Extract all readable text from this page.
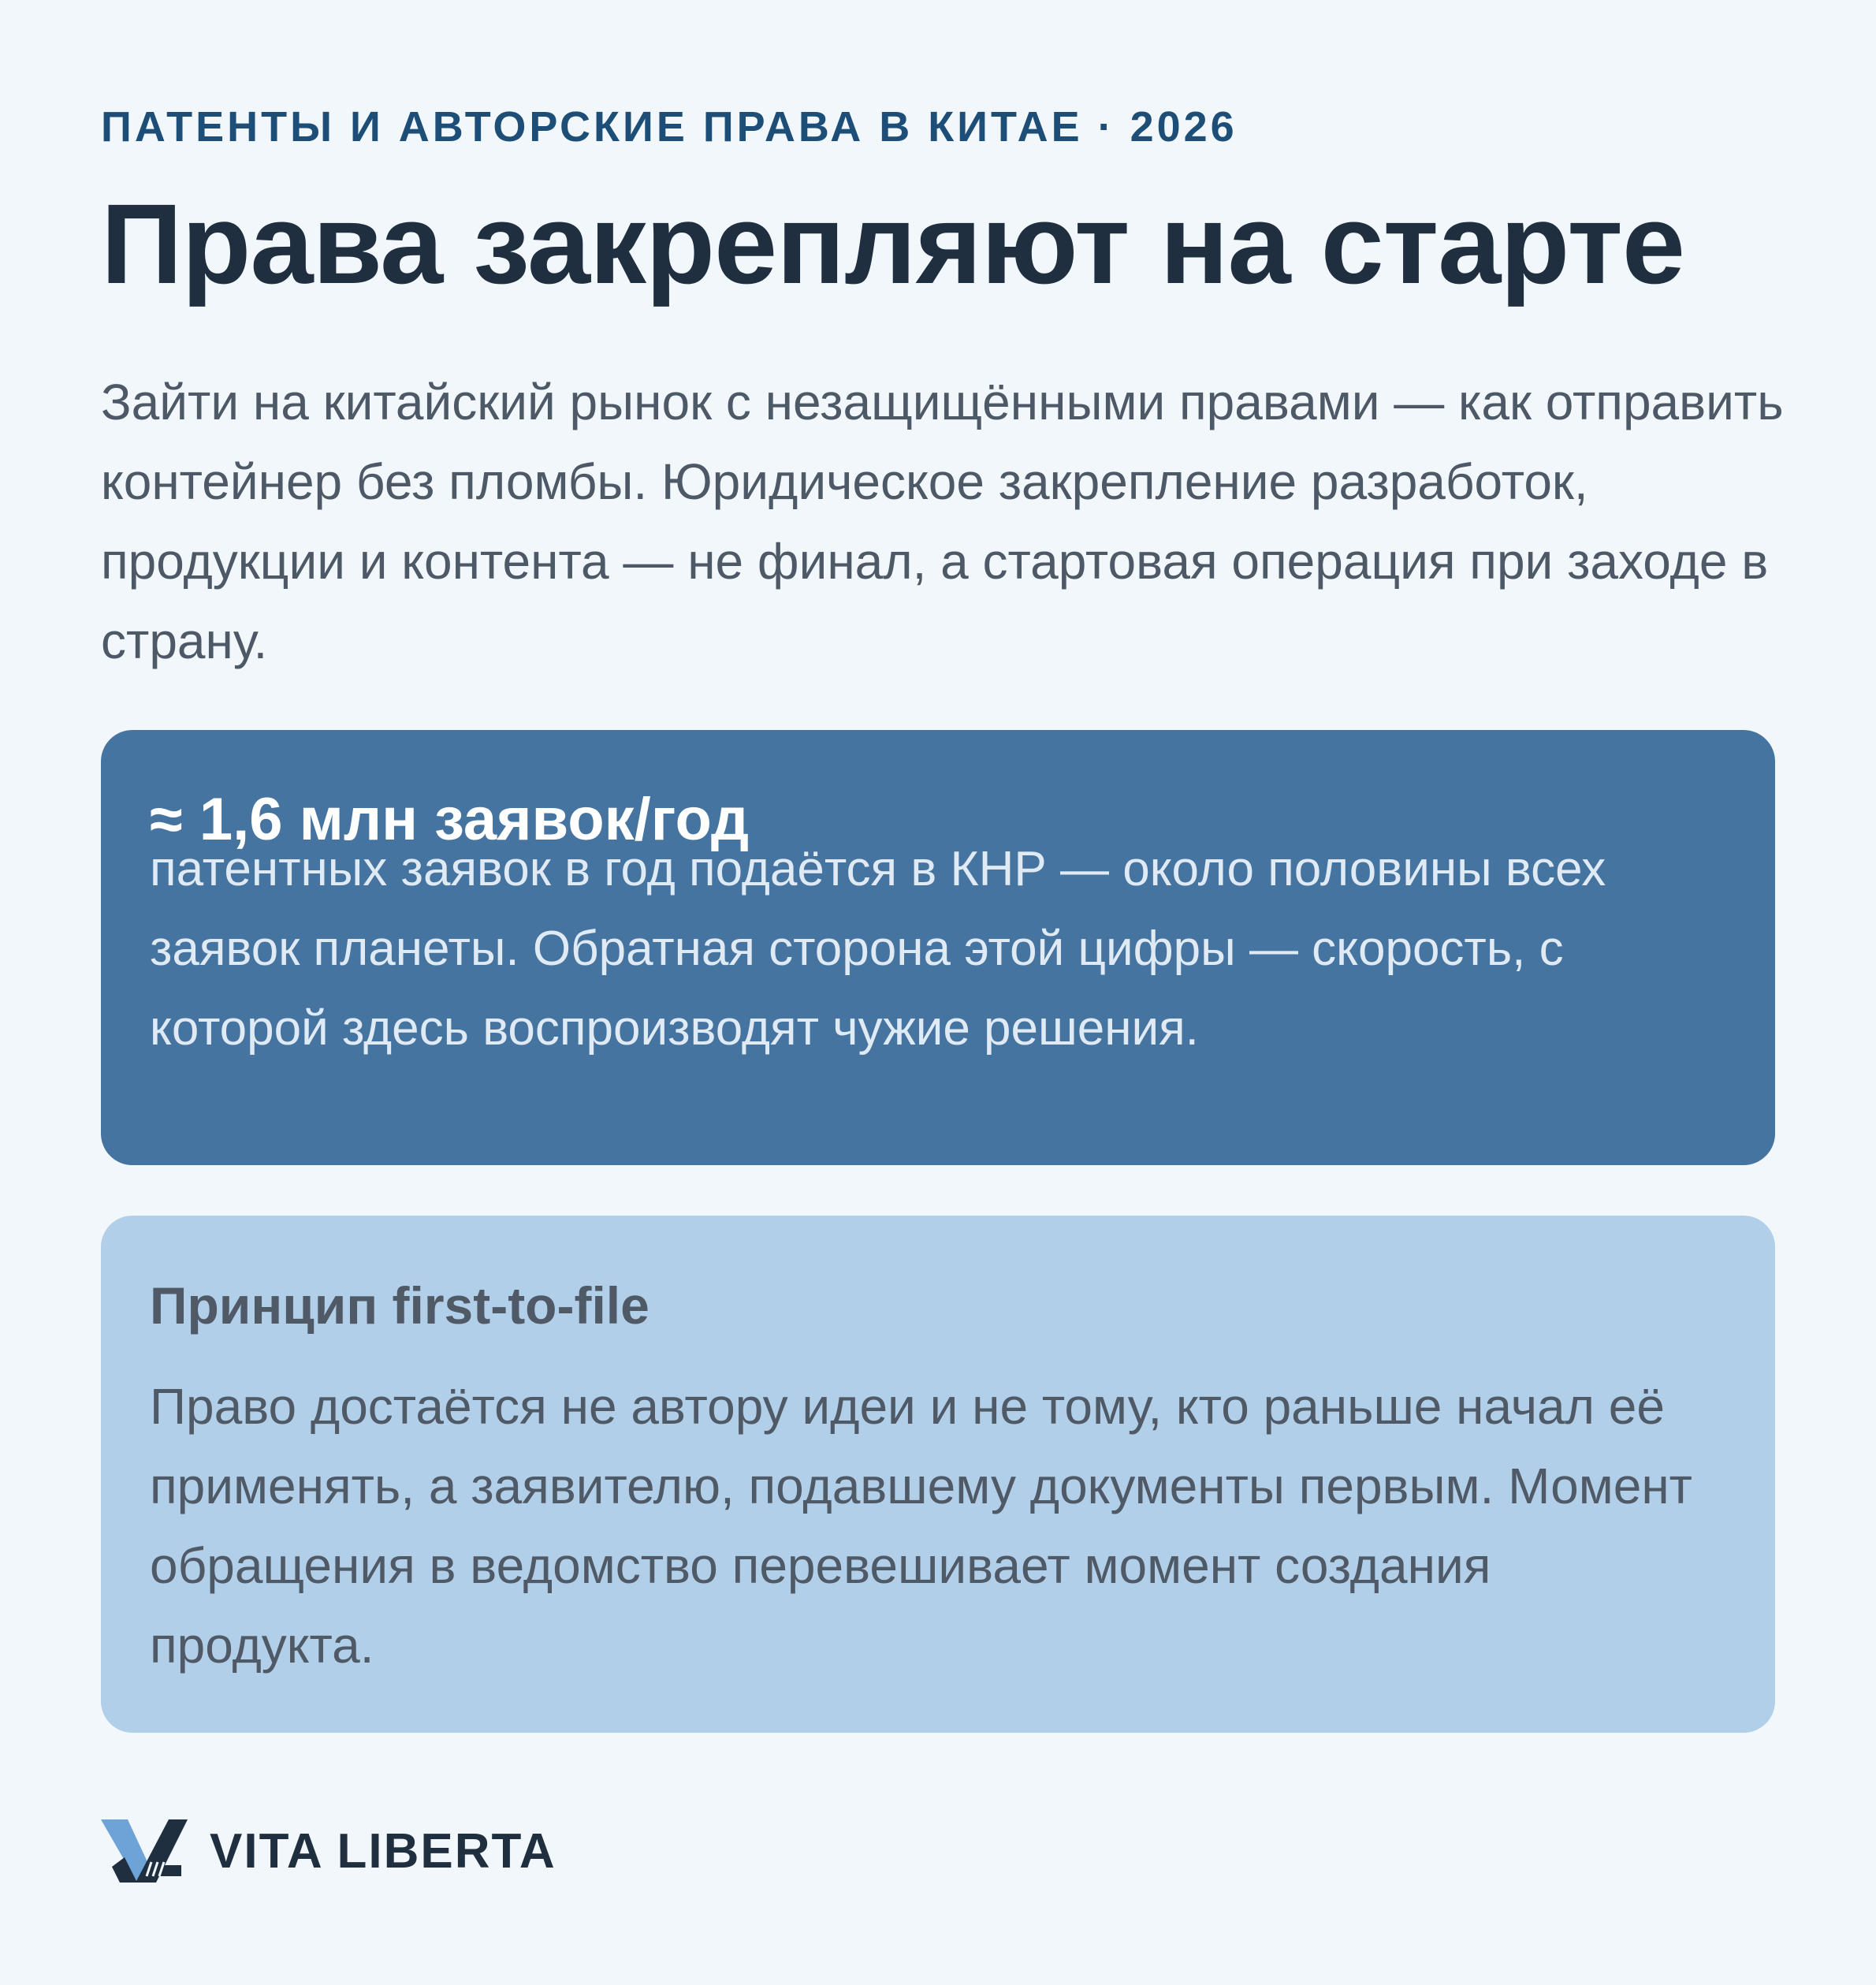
ПАТЕНТЫ И АВТОРСКИЕ ПРАВА В КИТАЕ · 2026
Права закрепляют на старте

Зайти на китайский рынок с незащищёнными правами — как отправить контейнер без пломбы. Юридическое закрепление разработок, продукции и контента — не финал, а стартовая операция при заходе в страну.

≈ 1,6 млн заявок/год
патентных заявок в год подаётся в КНР — около половины всех заявок планеты. Обратная сторона этой цифры — скорость, с которой здесь воспроизводят чужие решения.
Принцип first-to-file
Право достаётся не автору идеи и не тому, кто раньше начал её применять, а заявителю, подавшему документы первым. Момент обращения в ведомство перевешивает момент создания продукта.
VITA LIBERTA
